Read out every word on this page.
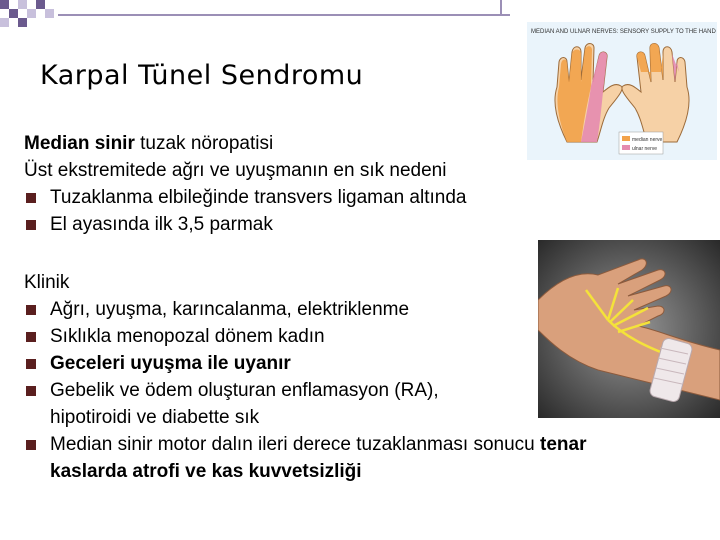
Karpal Tünel Sendromu
MEDIAN AND ULNAR NERVES: SENSORY SUPPLY TO THE HAND
median nerve
ulnar nerve
Median sinir tuzak nöropatisi
Üst ekstremitede ağrı ve uyuşmanın en sık nedeni
Tuzaklanma elbileğinde transvers ligaman altında
El ayasında ilk 3,5 parmak
Klinik
Ağrı, uyuşma, karıncalanma, elektriklenme
Sıklıkla menopozal dönem kadın
Geceleri uyuşma ile uyanır
Gebelik ve ödem oluşturan enflamasyon (RA), hipotiroidi ve diabette sık
Median sinir motor dalın ileri derece tuzaklanması sonucu tenar kaslarda atrofi ve kas kuvvetsizliği
